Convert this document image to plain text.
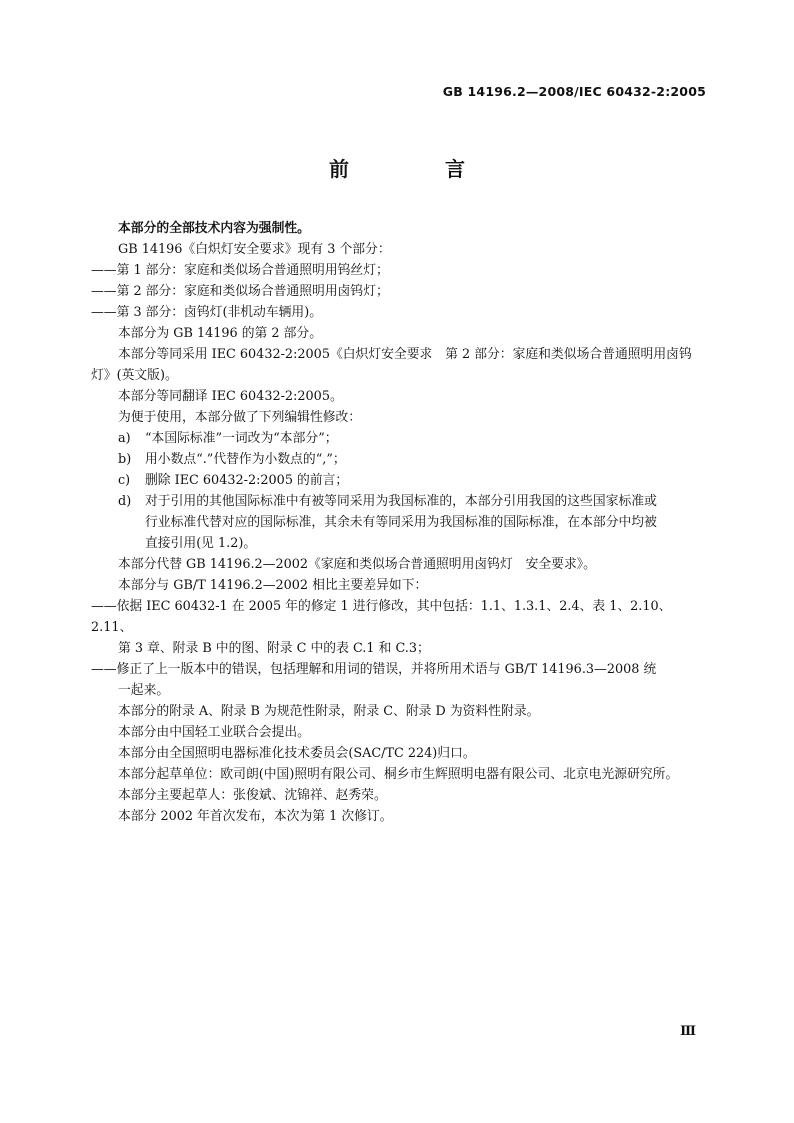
GB 14196.2—2008/IEC 60432-2:2005
前　言

本部分的全部技术内容为强制性。

GB 14196《白炽灯安全要求》现有 3 个部分：

——第 1 部分：家庭和类似场合普通照明用钨丝灯；

——第 2 部分：家庭和类似场合普通照明用卤钨灯；

——第 3 部分：卤钨灯(非机动车辆用)。

本部分为 GB 14196 的第 2 部分。

本部分等同采用 IEC 60432-2:2005《白炽灯安全要求　第 2 部分：家庭和类似场合普通照明用卤钨
灯》(英文版)。

本部分等同翻译 IEC 60432-2:2005。

为便于使用，本部分做了下列编辑性修改：

a)	“本国际标准”一词改为“本部分”；
b)	用小数点“.”代替作为小数点的“,”；
c)	删除 IEC 60432-2:2005 的前言；
d)	对于引用的其他国际标准中有被等同采用为我国标准的，本部分引用我国的这些国家标准或
行业标准代替对应的国际标准，其余未有等同采用为我国标准的国际标准，在本部分中均被
直接引用(见 1.2)。

本部分代替 GB 14196.2—2002《家庭和类似场合普通照明用卤钨灯　安全要求》。

本部分与 GB/T 14196.2—2002 相比主要差异如下：

——依据 IEC 60432-1 在 2005 年的修定 1 进行修改，其中包括：1.1、1.3.1、2.4、表 1、2.10、2.11、
第 3 章、附录 B 中的图、附录 C 中的表 C.1 和 C.3；

——修正了上一版本中的错误，包括理解和用词的错误，并将所用术语与 GB/T 14196.3—2008 统
一起来。

本部分的附录 A、附录 B 为规范性附录，附录 C、附录 D 为资料性附录。

本部分由中国轻工业联合会提出。

本部分由全国照明电器标准化技术委员会(SAC/TC 224)归口。

本部分起草单位：欧司朗(中国)照明有限公司、桐乡市生辉照明电器有限公司、北京电光源研究所。

本部分主要起草人：张俊斌、沈锦祥、赵秀荣。

本部分 2002 年首次发布，本次为第 1 次修订。

Ⅲ
